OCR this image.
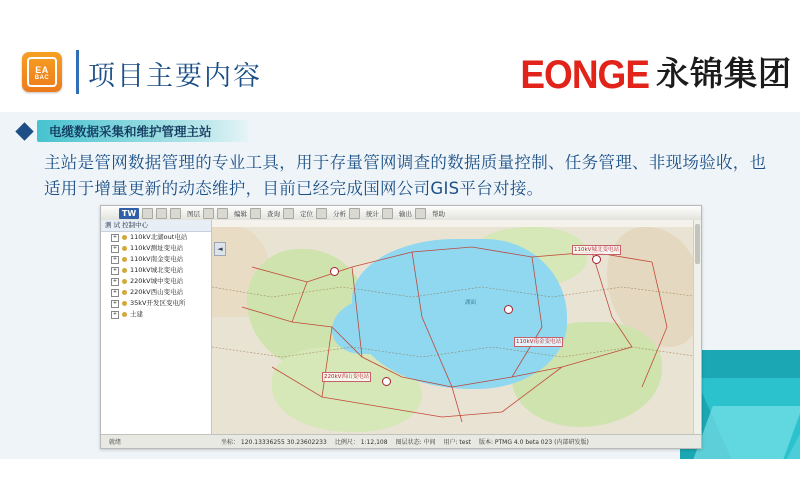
EA
BAC 项目主要内容	EONGE 永锦集团
电缆数据采集和维护管理主站
主站是管网数据管理的专业工具，用于存量管网调查的数据质量控制、任务管理、非现场验收，也适用于增量更新的动态维护，目前已经完成国网公司GIS平台对接。
TW	图层	编辑	查询	定位	分析	统计	输出	帮助
测 试 控制中心
+ 110kV北湖out电站
+ 110kV测址变电站
+ 110kV南金变电站
+ 110kV城北变电站
+ 220kV城中变电站
+ 220kV西山变电站
+ 35kV开发区变电所
+ 土建
110kV城北变电站
110kV南金变电站
220kV西山变电站
湖面
◄
就绪	坐标： 120.13336255 30.23602233 比例尺： 1:12,108 图层状态: 中间 用户: test 版本: PTMG 4.0 beta 023 (内部研发版)
